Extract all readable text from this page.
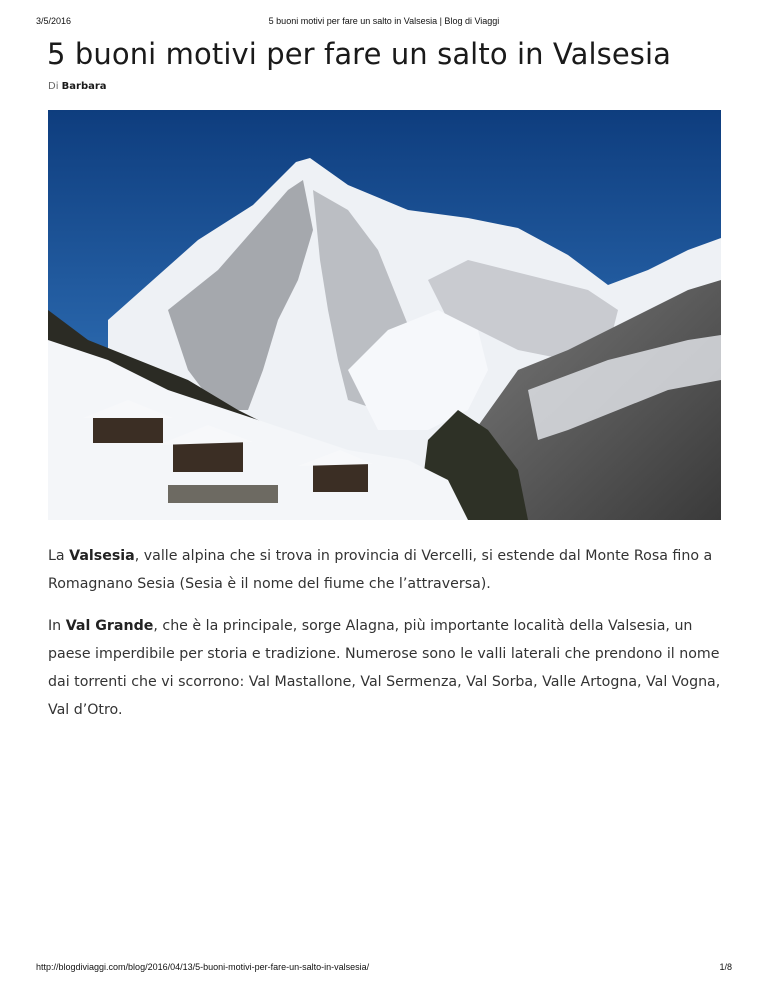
3/5/2016	5 buoni motivi per fare un salto in Valsesia | Blog di Viaggi
5 buoni motivi per fare un salto in Valsesia
Di Barbara

La Valsesia, valle alpina che si trova in provincia di Vercelli, si estende dal Monte Rosa fino a Romagnano Sesia (Sesia è il nome del fiume che l’attraversa).

In Val Grande, che è la principale, sorge Alagna, più importante località della Valsesia, un paese imperdibile per storia e tradizione. Numerose sono le valli laterali che prendono il nome dai torrenti che vi scorrono: Val Mastallone, Val Sermenza, Val Sorba, Valle Artogna, Val Vogna, Val d’Otro.

http://blogdiviaggi.com/blog/2016/04/13/5-buoni-motivi-per-fare-un-salto-in-valsesia/	1/8
